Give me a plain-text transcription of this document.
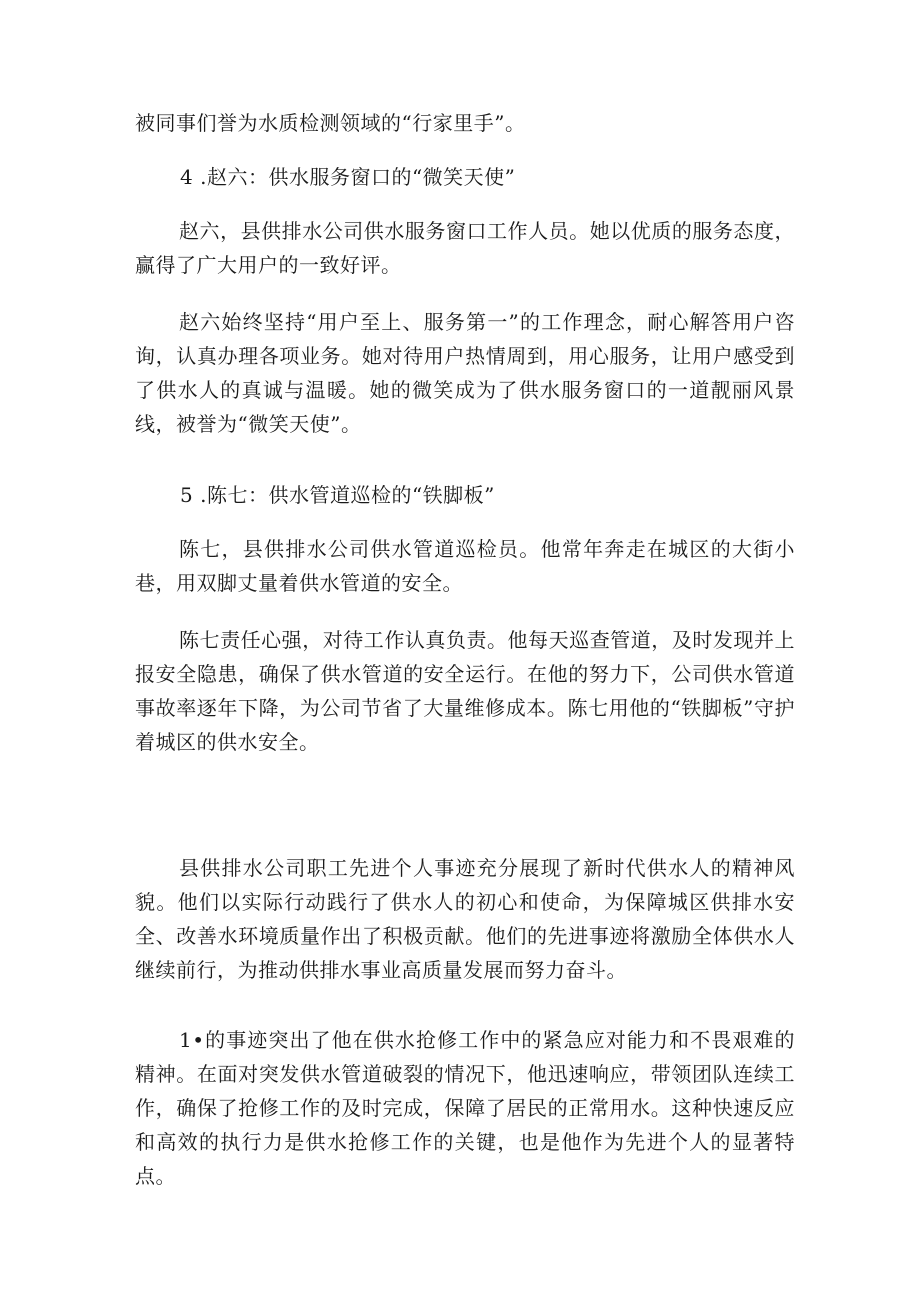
被同事们誉为水质检测领域的“行家里手”。

4 .赵六：供水服务窗口的“微笑天使”

赵六，县供排水公司供水服务窗口工作人员。她以优质的服务态度，赢得了广大用户的一致好评。

赵六始终坚持“用户至上、服务第一”的工作理念，耐心解答用户咨询，认真办理各项业务。她对待用户热情周到，用心服务，让用户感受到了供水人的真诚与温暖。她的微笑成为了供水服务窗口的一道靓丽风景线，被誉为“微笑天使”。

5 .陈七：供水管道巡检的“铁脚板”

陈七，县供排水公司供水管道巡检员。他常年奔走在城区的大街小巷，用双脚丈量着供水管道的安全。

陈七责任心强，对待工作认真负责。他每天巡查管道，及时发现并上报安全隐患，确保了供水管道的安全运行。在他的努力下，公司供水管道事故率逐年下降，为公司节省了大量维修成本。陈七用他的“铁脚板”守护着城区的供水安全。

县供排水公司职工先进个人事迹充分展现了新时代供水人的精神风貌。他们以实际行动践行了供水人的初心和使命，为保障城区供排水安全、改善水环境质量作出了积极贡献。他们的先进事迹将激励全体供水人继续前行，为推动供排水事业高质量发展而努力奋斗。

1•的事迹突出了他在供水抢修工作中的紧急应对能力和不畏艰难的精神。在面对突发供水管道破裂的情况下，他迅速响应，带领团队连续工作，确保了抢修工作的及时完成，保障了居民的正常用水。这种快速反应和高效的执行力是供水抢修工作的关键，也是他作为先进个人的显著特点。
